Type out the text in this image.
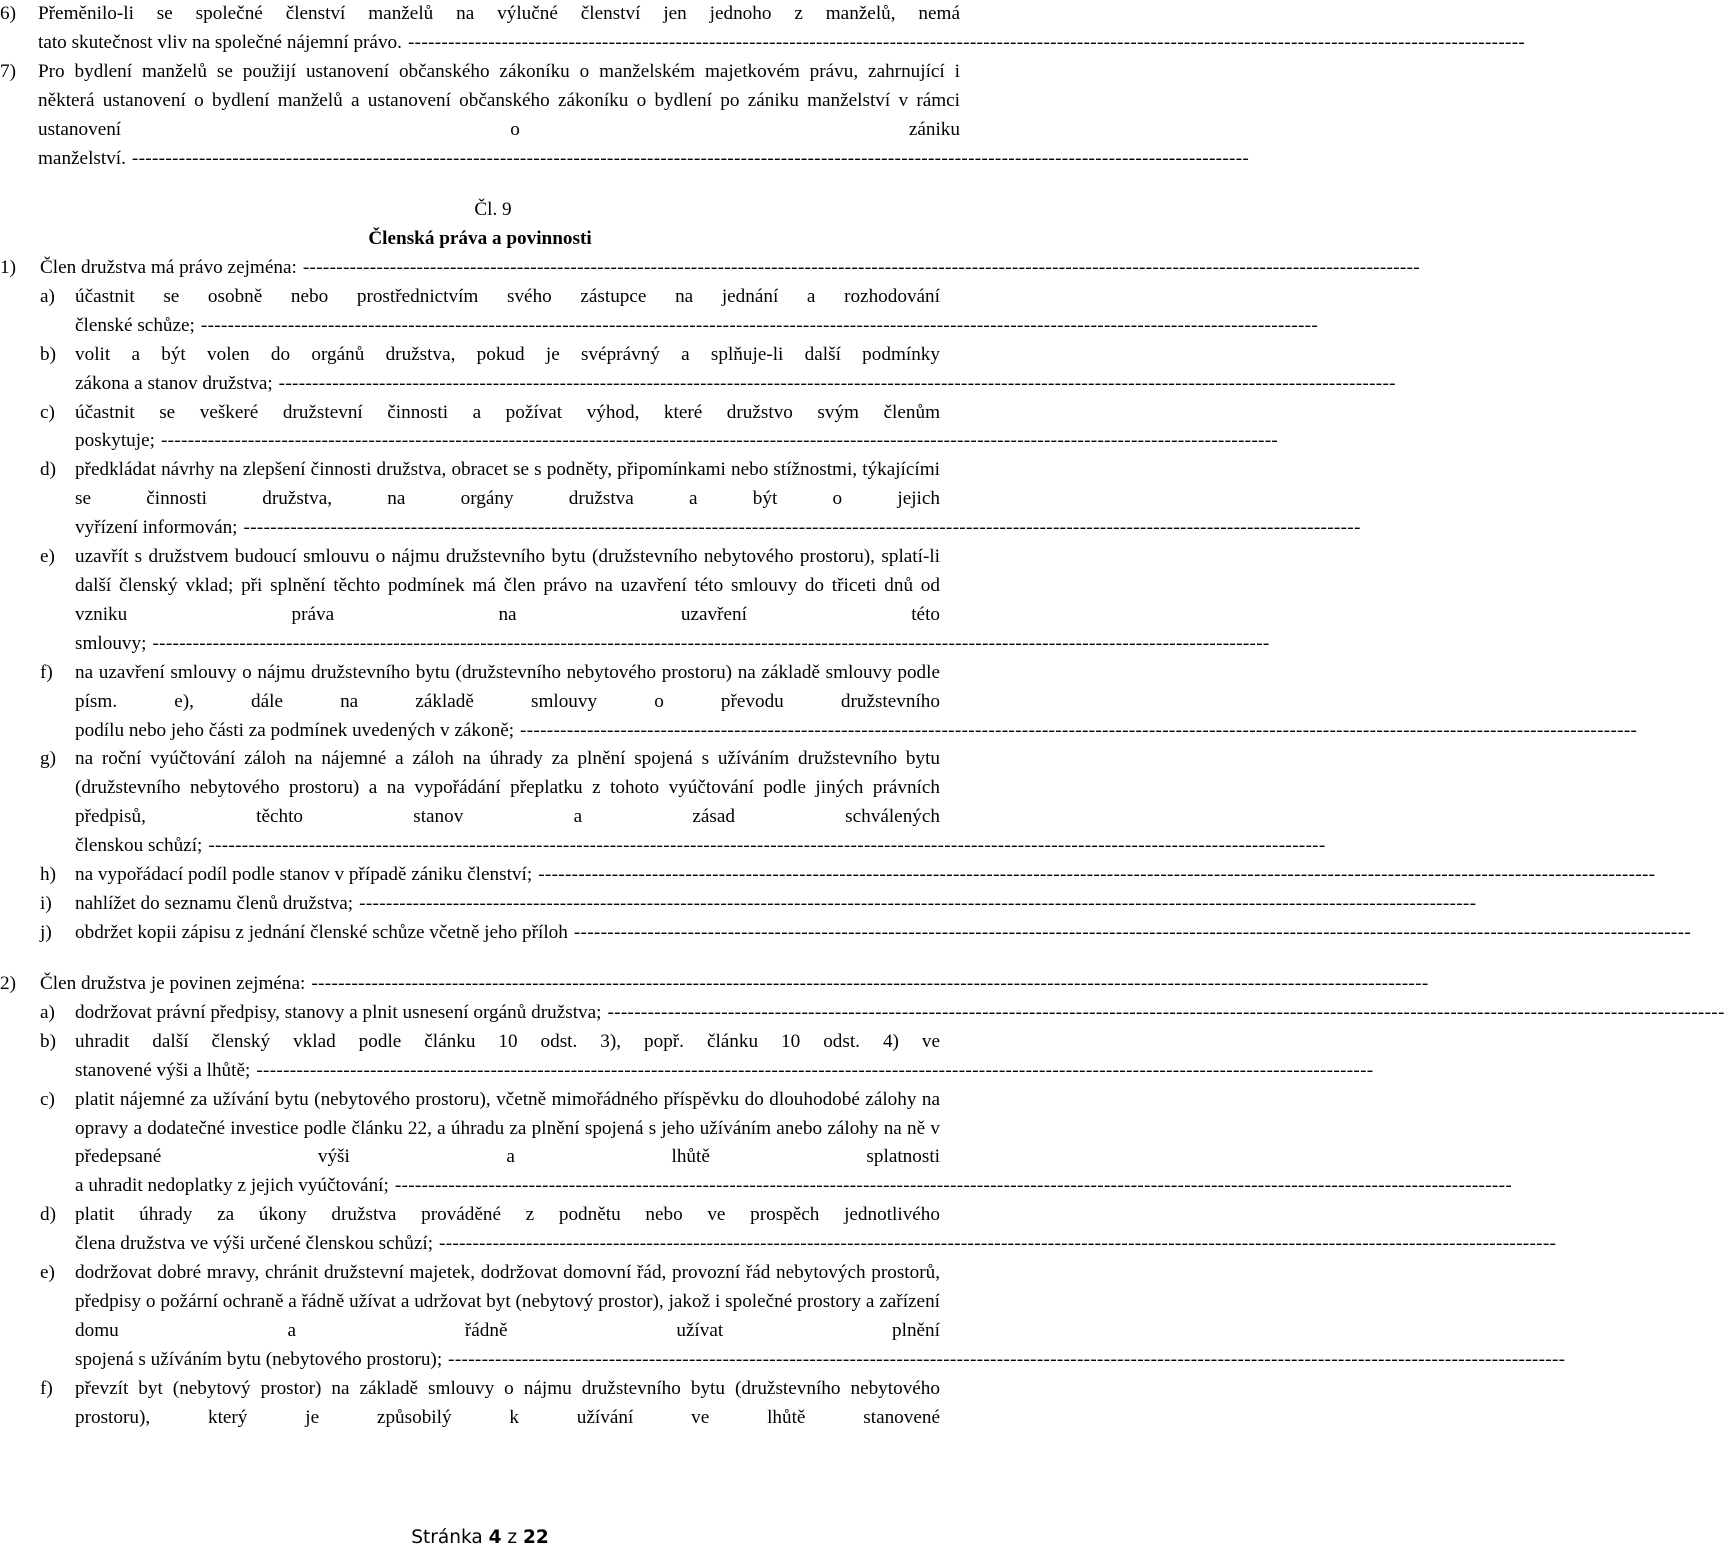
6) Přeměnilo-li se společné členství manželů na výlučné členství jen jednoho z manželů, nemá
tato skutečnost vliv na společné nájemní právo. -----------------------------------------------------------------------------------------------------------------------------------------------------------------------
7) Pro bydlení manželů se použijí ustanovení občanského zákoníku o manželském majetkovém právu, zahrnující i některá ustanovení o bydlení manželů a ustanovení občanského zákoníku o bydlení po zániku manželství v rámci ustanovení o zániku
manželství. -----------------------------------------------------------------------------------------------------------------------------------------------------------------------
Čl. 9
Členská práva a povinnosti
1)	Člen družstva má právo zejména: -----------------------------------------------------------------------------------------------------------------------------------------------------------------------
a) účastnit se osobně nebo prostřednictvím svého zástupce na jednání a rozhodování
členské schůze; -----------------------------------------------------------------------------------------------------------------------------------------------------------------------
b) volit a být volen do orgánů družstva, pokud je svéprávný a splňuje-li další podmínky
zákona a stanov družstva; -----------------------------------------------------------------------------------------------------------------------------------------------------------------------
c) účastnit se veškeré družstevní činnosti a požívat výhod, které družstvo svým členům
poskytuje; -----------------------------------------------------------------------------------------------------------------------------------------------------------------------
d) předkládat návrhy na zlepšení činnosti družstva, obracet se s podněty, připomínkami nebo stížnostmi, týkajícími se činnosti družstva, na orgány družstva a být o jejich
vyřízení informován; -----------------------------------------------------------------------------------------------------------------------------------------------------------------------
e) uzavřít s družstvem budoucí smlouvu o nájmu družstevního bytu (družstevního nebytového prostoru), splatí-li další členský vklad; při splnění těchto podmínek má člen právo na uzavření této smlouvy do třiceti dnů od vzniku práva na uzavření této
smlouvy; -----------------------------------------------------------------------------------------------------------------------------------------------------------------------
f) na uzavření smlouvy o nájmu družstevního bytu (družstevního nebytového prostoru) na základě smlouvy podle písm. e), dále na základě smlouvy o převodu družstevního
podílu nebo jeho části za podmínek uvedených v zákoně; -----------------------------------------------------------------------------------------------------------------------------------------------------------------------
g) na roční vyúčtování záloh na nájemné a záloh na úhrady za plnění spojená s užíváním družstevního bytu (družstevního nebytového prostoru) a na vypořádání přeplatku z tohoto vyúčtování podle jiných právních předpisů, těchto stanov a zásad schválených
členskou schůzí; -----------------------------------------------------------------------------------------------------------------------------------------------------------------------
h) na vypořádací podíl podle stanov v případě zániku členství; -----------------------------------------------------------------------------------------------------------------------------------------------------------------------
i) nahlížet do seznamu členů družstva; -----------------------------------------------------------------------------------------------------------------------------------------------------------------------
j) obdržet kopii zápisu z jednání členské schůze včetně jeho příloh -----------------------------------------------------------------------------------------------------------------------------------------------------------------------
2)	Člen družstva je povinen zejména: -----------------------------------------------------------------------------------------------------------------------------------------------------------------------
a) dodržovat právní předpisy, stanovy a plnit usnesení orgánů družstva; -----------------------------------------------------------------------------------------------------------------------------------------------------------------------
b) uhradit další členský vklad podle článku 10 odst. 3), popř. článku 10 odst. 4) ve
stanovené výši a lhůtě; -----------------------------------------------------------------------------------------------------------------------------------------------------------------------
c) platit nájemné za užívání bytu (nebytového prostoru), včetně mimořádného příspěvku do dlouhodobé zálohy na opravy a dodatečné investice podle článku 22, a úhradu za plnění spojená s jeho užíváním anebo zálohy na ně v předepsané výši a lhůtě splatnosti
a uhradit nedoplatky z jejich vyúčtování; -----------------------------------------------------------------------------------------------------------------------------------------------------------------------
d) platit úhrady za úkony družstva prováděné z podnětu nebo ve prospěch jednotlivého
člena družstva ve výši určené členskou schůzí; -----------------------------------------------------------------------------------------------------------------------------------------------------------------------
e) dodržovat dobré mravy, chránit družstevní majetek, dodržovat domovní řád, provozní řád nebytových prostorů, předpisy o požární ochraně a řádně užívat a udržovat byt (nebytový prostor), jakož i společné prostory a zařízení domu a řádně užívat plnění
spojená s užíváním bytu (nebytového prostoru); -----------------------------------------------------------------------------------------------------------------------------------------------------------------------
f) převzít byt (nebytový prostor) na základě smlouvy o nájmu družstevního bytu (družstevního nebytového prostoru), který je způsobilý k užívání ve lhůtě stanovené
Stránka 4 z 22
